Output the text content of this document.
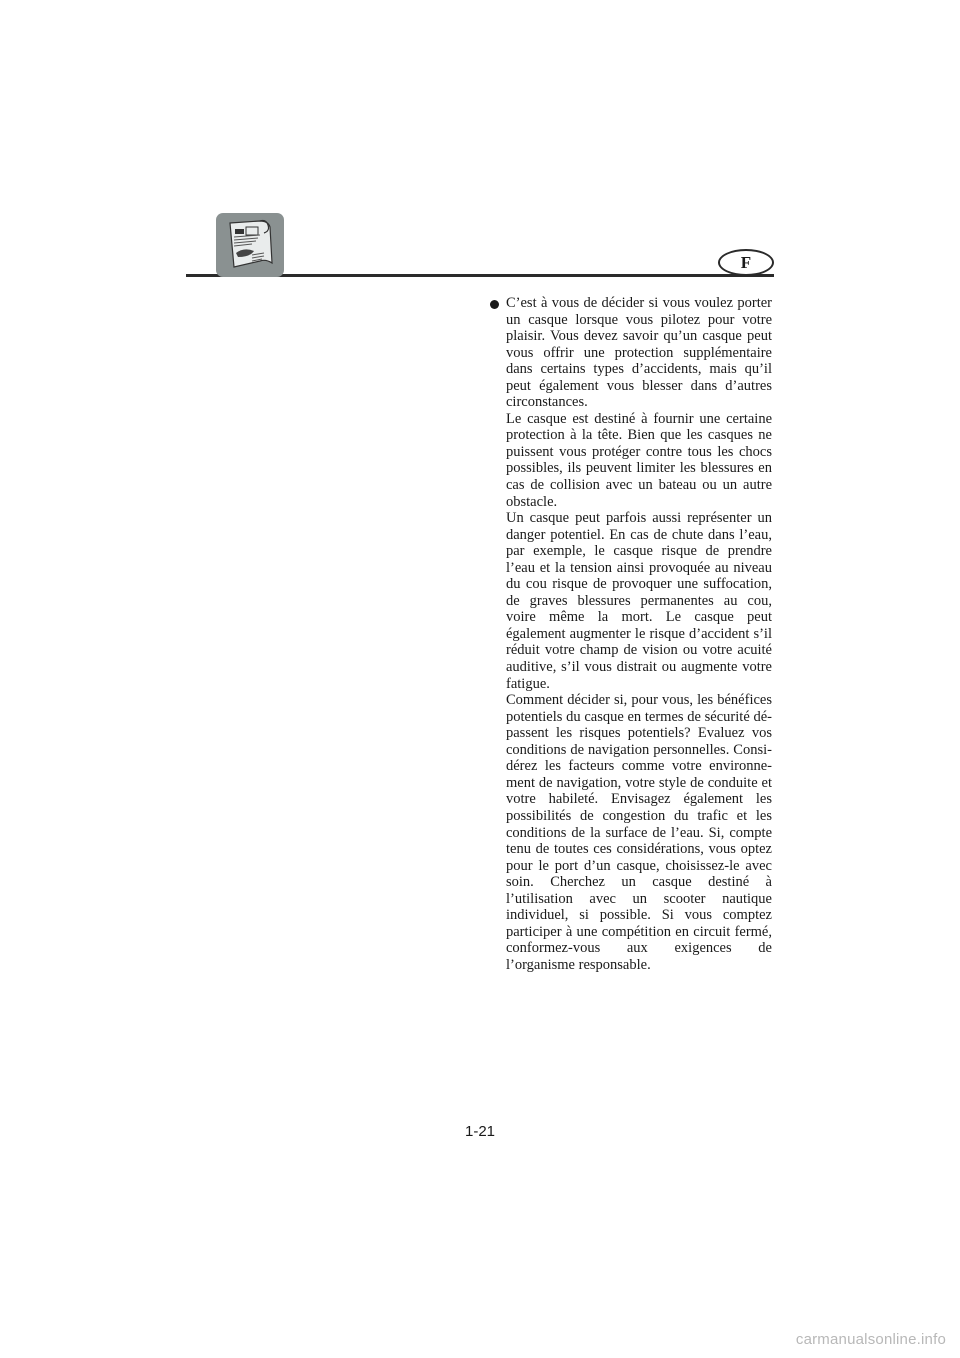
F

C’est à vous de décider si vous voulez porter un casque lorsque vous pilotez pour votre plaisir. Vous devez savoir qu’un casque peut vous offrir une protection supplémentaire dans certains types d’accidents, mais qu’il peut également vous blesser dans d’autres circonstances.

Le casque est destiné à fournir une certaine protection à la tête. Bien que les casques ne puissent vous protéger contre tous les chocs possibles, ils peuvent limiter les blessures en cas de collision avec un bateau ou un autre obstacle.

Un casque peut parfois aussi représenter un danger potentiel. En cas de chute dans l’eau, par exemple, le casque risque de prendre l’eau et la tension ainsi provoquée au niveau du cou risque de provoquer une suffocation, de graves blessures permanentes au cou, voire même la mort. Le casque peut également augmenter le risque d’accident s’il réduit votre champ de vision ou votre acuité auditive, s’il vous distrait ou augmente votre fatigue.

Comment décider si, pour vous, les bénéfices potentiels du casque en termes de sécurité dépassent les risques potentiels? Evaluez vos conditions de navigation personnelles. Considérez les facteurs comme votre environnement de navigation, votre style de conduite et votre habileté. Envisagez également les possibilités de congestion du trafic et les conditions de la surface de l’eau. Si, compte tenu de toutes ces considérations, vous optez pour le port d’un casque, choisissez-le avec soin. Cherchez un casque destiné à l’utilisation avec un scooter nautique individuel, si possible. Si vous comptez participer à une compétition en circuit fermé, conformez-vous aux exigences de l’organisme responsable.

1-21
carmanualsonline.info
